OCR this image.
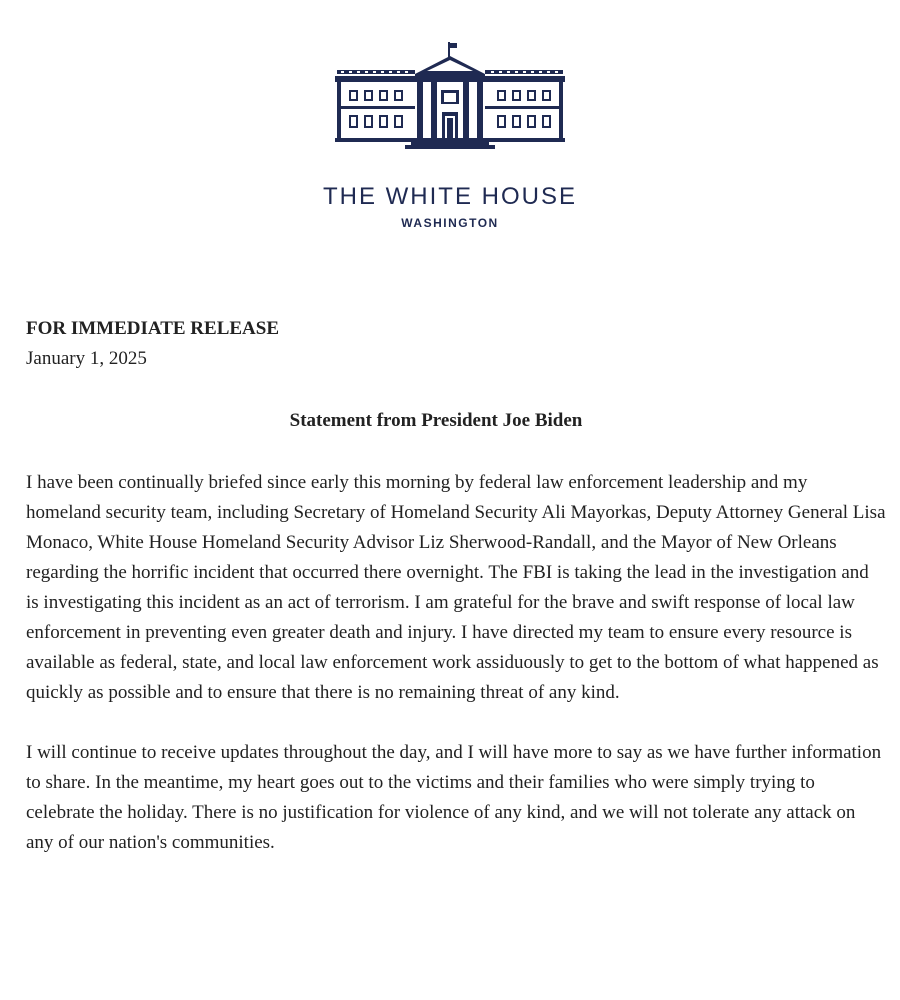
THE WHITE HOUSE
WASHINGTON

FOR IMMEDIATE RELEASE

January 1, 2025

Statement from President Joe Biden

I have been continually briefed since early this morning by federal law enforcement leadership and my homeland security team, including Secretary of Homeland Security Ali Mayorkas, Deputy Attorney General Lisa Monaco, White House Homeland Security Advisor Liz Sherwood-Randall, and the Mayor of New Orleans regarding the horrific incident that occurred there overnight. The FBI is taking the lead in the investigation and is investigating this incident as an act of terrorism. I am grateful for the brave and swift response of local law enforcement in preventing even greater death and injury. I have directed my team to ensure every resource is available as federal, state, and local law enforcement work assiduously to get to the bottom of what happened as quickly as possible and to ensure that there is no remaining threat of any kind.

I will continue to receive updates throughout the day, and I will have more to say as we have further information to share. In the meantime, my heart goes out to the victims and their families who were simply trying to celebrate the holiday. There is no justification for violence of any kind, and we will not tolerate any attack on any of our nation's communities.
